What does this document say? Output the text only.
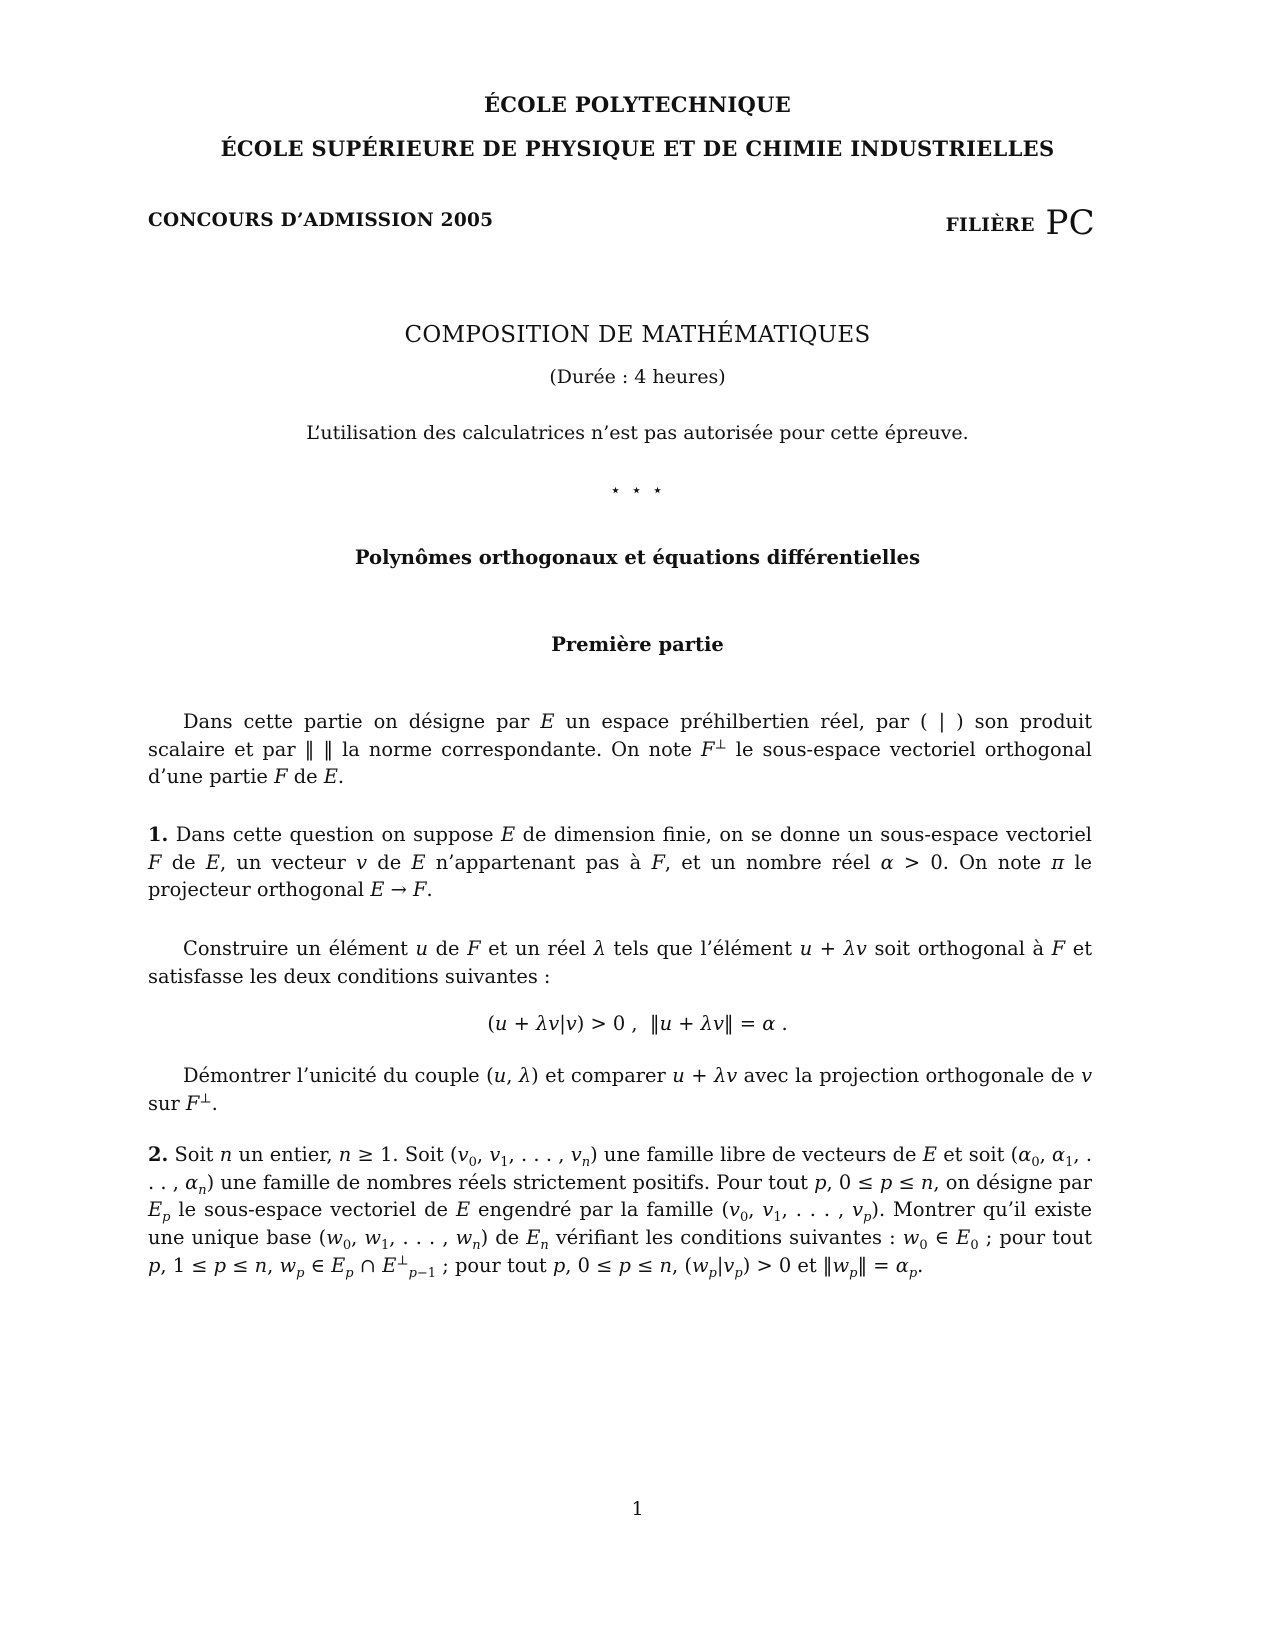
ÉCOLE POLYTECHNIQUE
ÉCOLE SUPÉRIEURE DE PHYSIQUE ET DE CHIMIE INDUSTRIELLES
CONCOURS D’ADMISSION 2005	FILIÈRE PC
COMPOSITION DE MATHÉMATIQUES
(Durée : 4 heures)
L’utilisation des calculatrices n’est pas autorisée pour cette épreuve.
⋆ ⋆ ⋆
Polynômes orthogonaux et équations différentielles
Première partie
Dans cette partie on désigne par E un espace préhilbertien réel, par ( | ) son produit scalaire et par ‖ ‖ la norme correspondante. On note F⊥ le sous-espace vectoriel orthogonal d’une partie F de E.
1. Dans cette question on suppose E de dimension finie, on se donne un sous-espace vectoriel F de E, un vecteur v de E n’appartenant pas à F, et un nombre réel α > 0. On note π le projecteur orthogonal E → F.
Construire un élément u de F et un réel λ tels que l’élément u + λv soit orthogonal à F et satisfasse les deux conditions suivantes :
(u + λv|v) > 0 ,  ‖u + λv‖ = α .
Démontrer l’unicité du couple (u, λ) et comparer u + λv avec la projection orthogonale de v sur F⊥.
2. Soit n un entier, n ≥ 1. Soit ($v_0$, $v_1$, . . . , $v_n$) une famille libre de vecteurs de E et soit ($\alpha_0$, $\alpha_1$, . . . , $\alpha_n$) une famille de nombres réels strictement positifs. Pour tout p, 0 ≤ p ≤ n, on désigne par $E_p$ le sous-espace vectoriel de E engendré par la famille ($v_0$, $v_1$, . . . , $v_p$). Montrer qu’il existe une unique base ($w_0$, $w_1$, . . . , $w_n$) de $E_n$ vérifiant les conditions suivantes : $w_0$ ∈ $E_0$ ; pour tout p, 1 ≤ p ≤ n, $w_p$ ∈ $E_p$ ∩ $E^\perp_{p-1}$ ; pour tout p, 0 ≤ p ≤ n, $(w_p|v_p) > 0$ et $‖w_p‖ = \alpha_p$.
1
